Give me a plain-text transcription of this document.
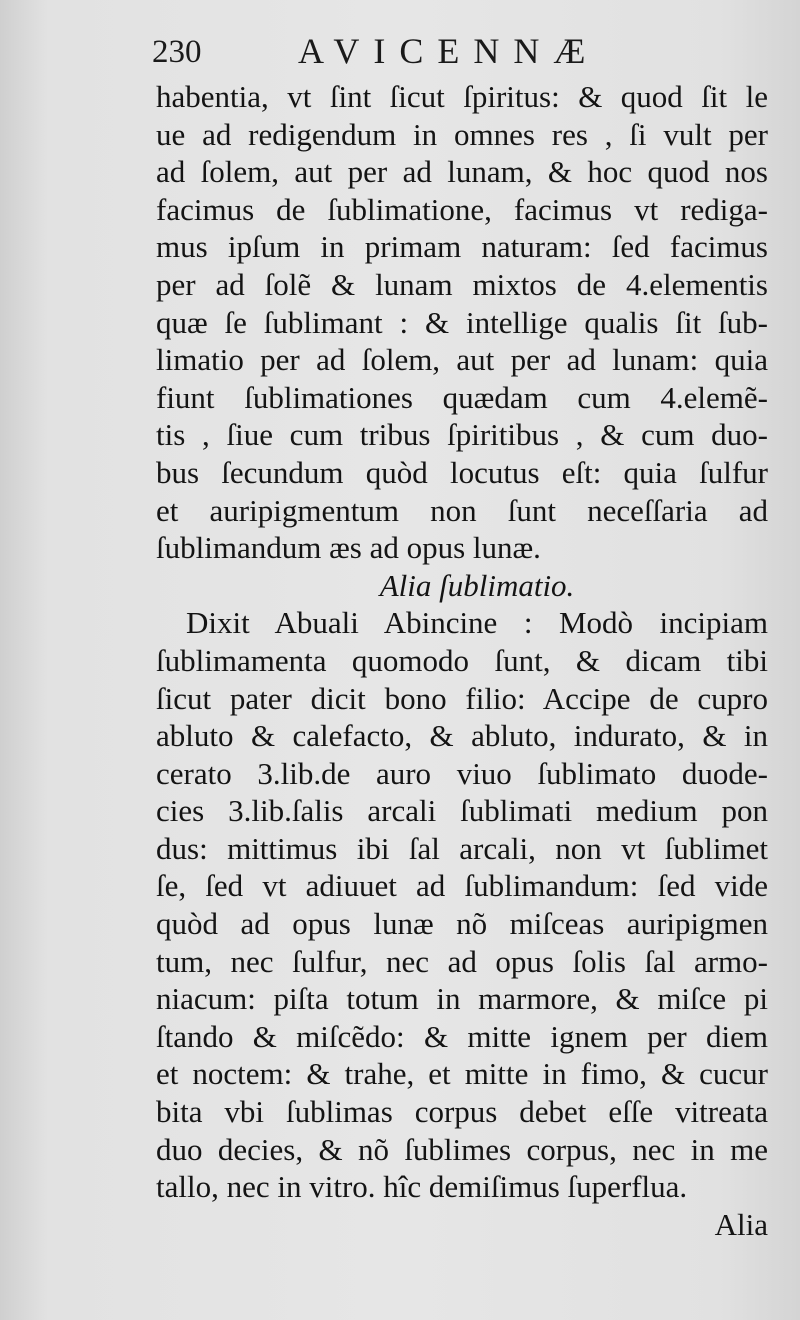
230	AVICENNÆ
habentia, vt ſint ſicut ſpiritus: & quod ſit le
ue ad redigendum in omnes res , ſi vult per
ad ſolem, aut per ad lunam, & hoc quod nos
facimus de ſublimatione, facimus vt rediga-
mus ipſum in primam naturam: ſed facimus
per ad ſolẽ & lunam mixtos de 4.elementis
quæ ſe ſublimant : & intellige qualis ſit ſub-
limatio per ad ſolem, aut per ad lunam: quia
fiunt ſublimationes quædam cum 4.elemẽ-
tis , ſiue cum tribus ſpiritibus , & cum duo-
bus ſecundum quòd locutus eſt: quia ſulfur
et auripigmentum non ſunt neceſſaria ad
ſublimandum æs ad opus lunæ.
Alia ſublimatio.
Dixit Abuali Abincine : Modò incipiam
ſublimamenta quomodo ſunt, & dicam tibi
ſicut pater dicit bono filio: Accipe de cupro
abluto & calefacto, & abluto, indurato, & in
cerato 3.lib.de auro viuo ſublimato duode-
cies 3.lib.ſalis arcali ſublimati medium pon
dus: mittimus ibi ſal arcali, non vt ſublimet
ſe, ſed vt adiuuet ad ſublimandum: ſed vide
quòd ad opus lunæ nõ miſceas auripigmen
tum, nec ſulfur, nec ad opus ſolis ſal armo-
niacum: piſta totum in marmore, & miſce pi
ſtando & miſcẽdo: & mitte ignem per diem
et noctem: & trahe, et mitte in fimo, & cucur
bita vbi ſublimas corpus debet eſſe vitreata
duo decies, & nõ ſublimes corpus, nec in me
tallo, nec in vitro. hîc demiſimus ſuperflua.
Alia
